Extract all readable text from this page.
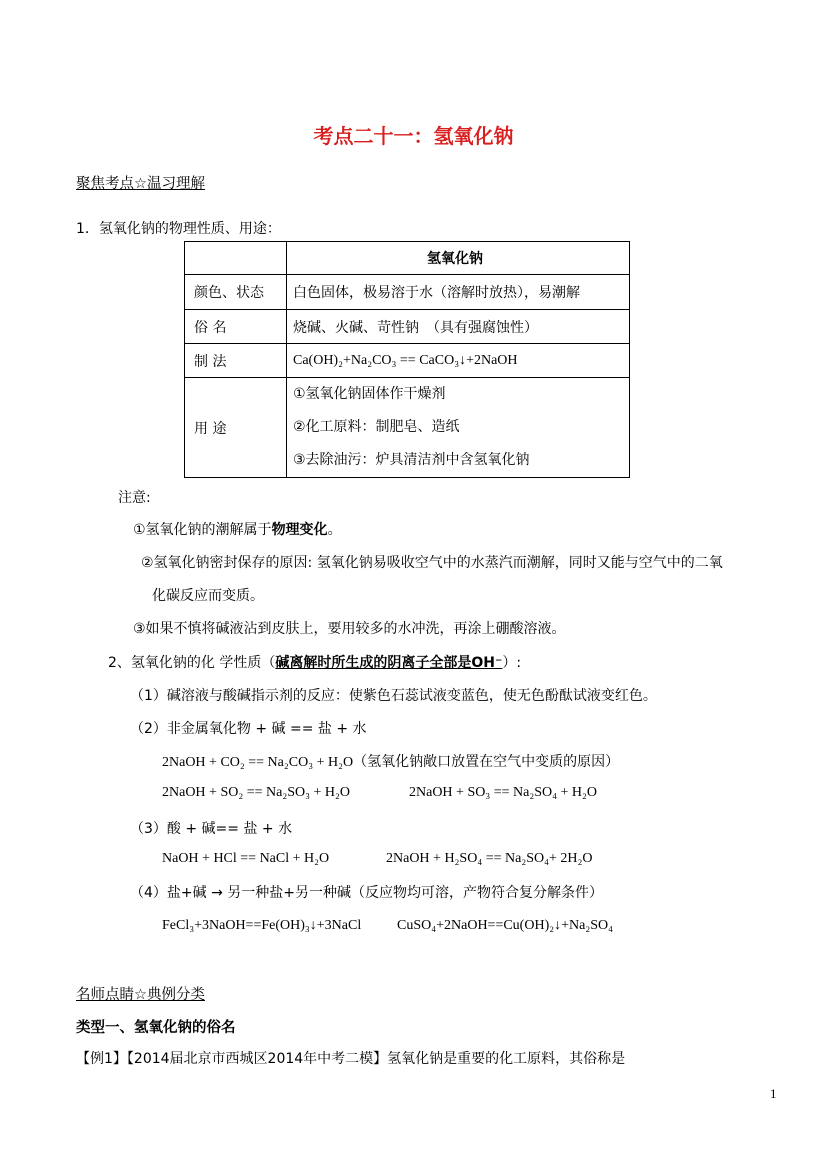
考点二十一：氢氧化钠
聚焦考点☆温习理解
1．氢氧化钠的物理性质、用途：
	氢氧化钠
颜色、状态	白色固体，极易溶于水（溶解时放热），易潮解
俗 名	烧碱、火碱、苛性钠　（具有强腐蚀性）
制 法	Ca(OH)₂+Na₂CO₃ == CaCO₃↓+2NaOH
用 途	①氢氧化钠固体作干燥剂
②化工原料：制肥皂、造纸
③去除油污：炉具清洁剂中含氢氧化钠
注意:
①氢氧化钠的潮解属于物理变化。
②氢氧化钠密封保存的原因: 氢氧化钠易吸收空气中的水蒸汽而潮解，同时又能与空气中的二氧
化碳反应而变质。
③如果不慎将碱液沾到皮肤上，要用较多的水冲洗，再涂上硼酸溶液。
2、氢氧化钠的化 学性质（碱离解时所生成的阴离子全部是OH⁻）:
（1）碱溶液与酸碱指示剂的反应：使紫色石蕊试液变蓝色，使无色酚酞试液变红色。
（2）非金属氧化物 + 碱 == 盐 + 水
2NaOH + CO₂ == Na₂CO₃ + H₂O（氢氧化钠敞口放置在空气中变质的原因）
2NaOH + SO₂ == Na₂SO₃ + H₂O	2NaOH + SO₃ == Na₂SO₄ + H₂O
（3）酸 + 碱== 盐 + 水
NaOH + HCl == NaCl + H₂O	2NaOH + H₂SO₄ == Na₂SO₄+ 2H₂O
（4）盐+碱 → 另一种盐+另一种碱（反应物均可溶，产物符合复分解条件）
FeCl₃+3NaOH==Fe(OH)₃↓+3NaCl	CuSO₄+2NaOH==Cu(OH)₂↓+Na₂SO₄
名师点睛☆典例分类
类型一、氢氧化钠的俗名
【例1】【2014届北京市西城区2014年中考二模】氢氧化钠是重要的化工原料，其俗称是
1
